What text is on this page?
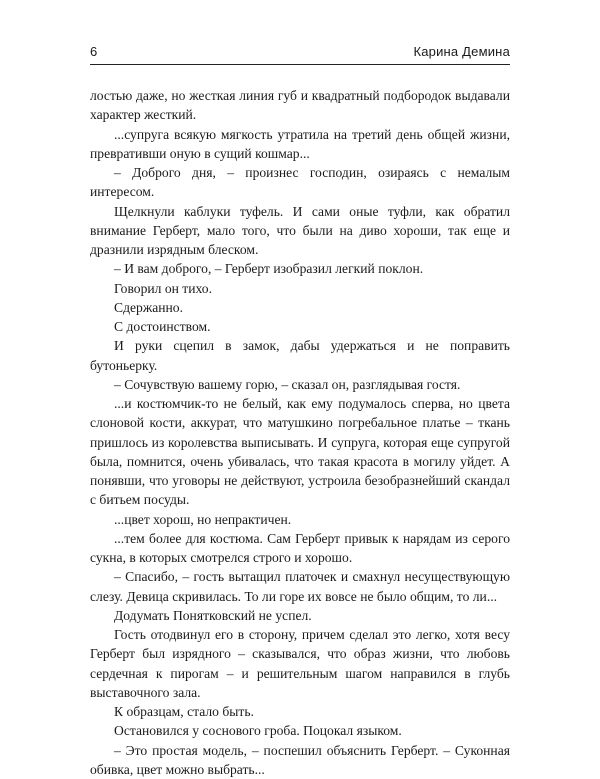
6	Карина Демина

лостью даже, но жесткая линия губ и квадратный подбородок выдавали характер жесткий.

...супруга всякую мягкость утратила на третий день общей жизни, превративши оную в сущий кошмар...

– Доброго дня, – произнес господин, озираясь с немалым интересом.

Щелкнули каблуки туфель. И сами оные туфли, как обратил внимание Герберт, мало того, что были на диво хороши, так еще и дразнили изрядным блеском.

– И вам доброго, – Герберт изобразил легкий поклон.

Говорил он тихо.

Сдержанно.

С достоинством.

И руки сцепил в замок, дабы удержаться и не поправить бутоньерку.

– Сочувствую вашему горю, – сказал он, разглядывая гостя.

...и костюмчик-то не белый, как ему подумалось сперва, но цвета слоновой кости, аккурат, что матушкино погребальное платье – ткань пришлось из королевства выписывать. И супруга, которая еще супругой была, помнится, очень убивалась, что такая красота в могилу уйдет. А понявши, что уговоры не действуют, устроила безобразнейший скандал с битьем посуды.

...цвет хорош, но непрактичен.

...тем более для костюма. Сам Герберт привык к нарядам из серого сукна, в которых смотрелся строго и хорошо.

– Спасибо, – гость вытащил платочек и смахнул несуществующую слезу. Девица скривилась. То ли горе их вовсе не было общим, то ли...

Додумать Понятковский не успел.

Гость отодвинул его в сторону, причем сделал это легко, хотя весу Герберт был изрядного – сказывался, что образ жизни, что любовь сердечная к пирогам – и решительным шагом направился в глубь выставочного зала.

К образцам, стало быть.

Остановился у соснового гроба. Поцокал языком.

– Это простая модель, – поспешил объяснить Герберт. – Суконная обивка, цвет можно выбрать...
